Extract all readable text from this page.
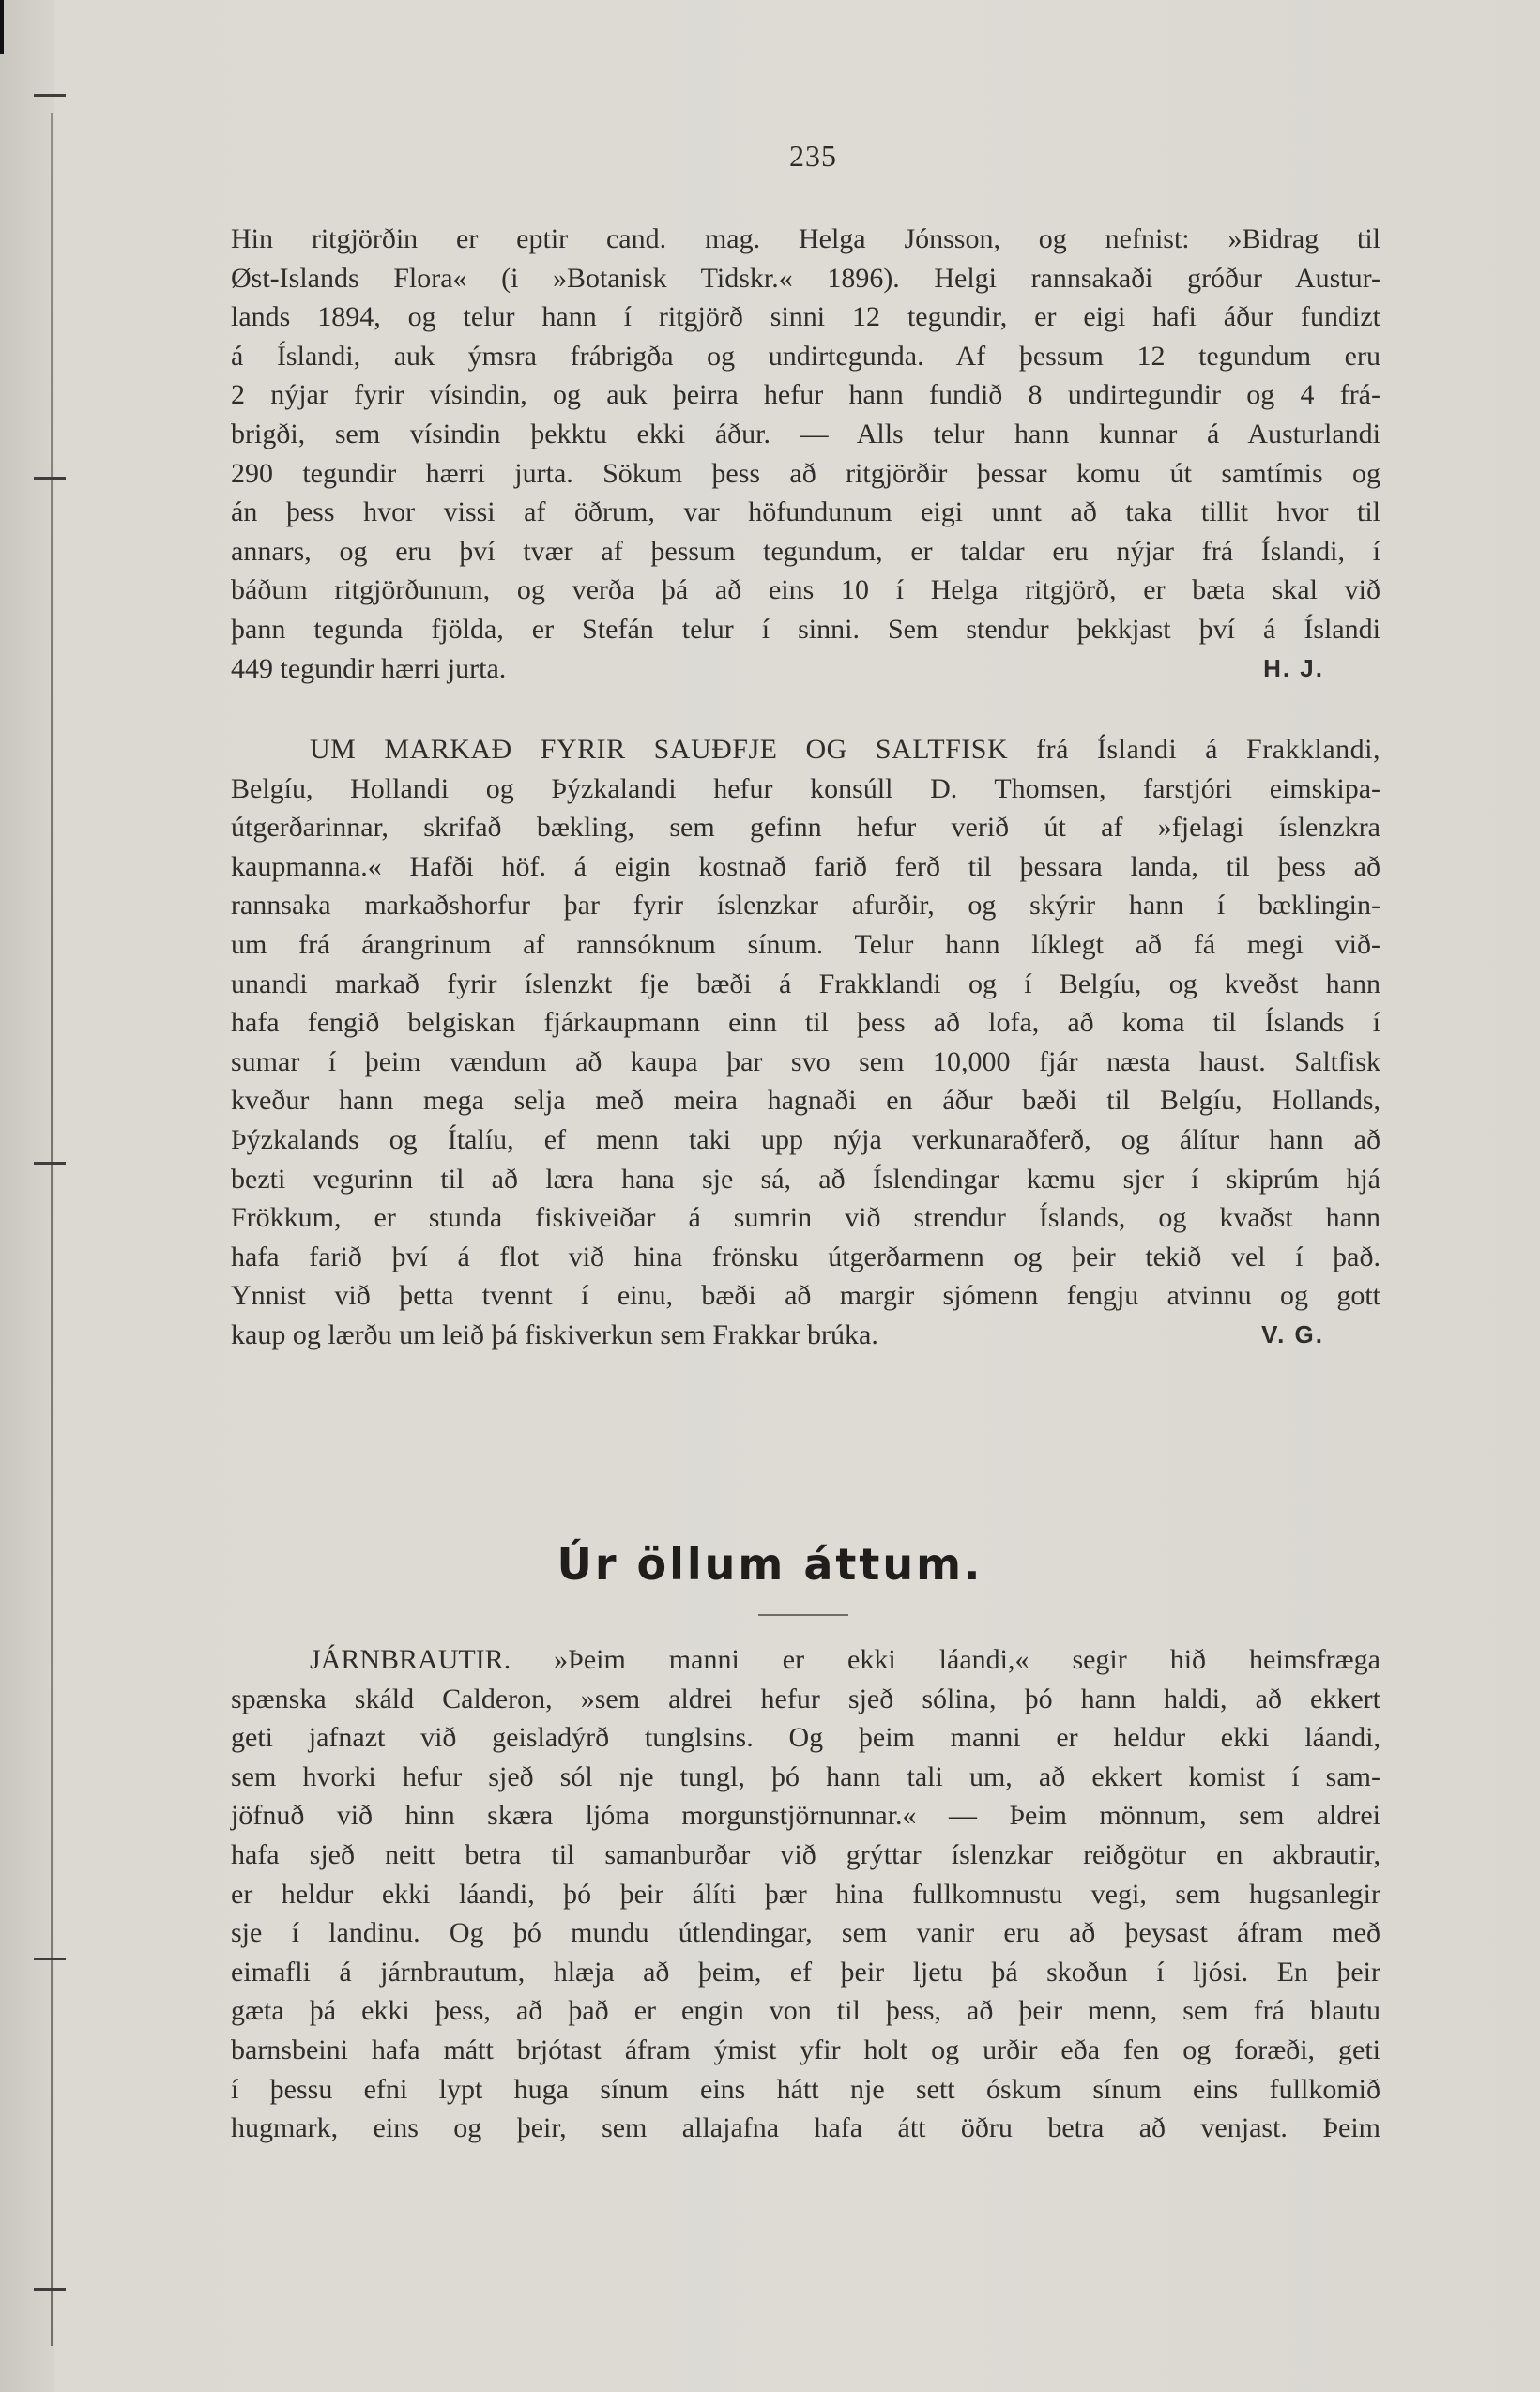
235
Hin ritgjörðin er eptir cand. mag. Helga Jónsson, og nefnist: »Bidrag til
Øst-Islands Flora« (i »Botanisk Tidskr.« 1896). Helgi rannsakaði gróður Austur-
lands 1894, og telur hann í ritgjörð sinni 12 tegundir, er eigi hafi áður fundizt
á Íslandi, auk ýmsra frábrigða og undirtegunda. Af þessum 12 tegundum eru
2 nýjar fyrir vísindin, og auk þeirra hefur hann fundið 8 undirtegundir og 4 frá-
brigði, sem vísindin þekktu ekki áður. — Alls telur hann kunnar á Austurlandi
290 tegundir hærri jurta. Sökum þess að ritgjörðir þessar komu út samtímis og
án þess hvor vissi af öðrum, var höfundunum eigi unnt að taka tillit hvor til
annars, og eru því tvær af þessum tegundum, er taldar eru nýjar frá Íslandi, í
báðum ritgjörðunum, og verða þá að eins 10 í Helga ritgjörð, er bæta skal við
þann tegunda fjölda, er Stefán telur í sinni. Sem stendur þekkjast því á Íslandi
449 tegundir hærri jurta.	H. J.
UM MARKAÐ FYRIR SAUÐFJE OG SALTFISK frá Íslandi á Frakklandi,
Belgíu, Hollandi og Þýzkalandi hefur konsúll D. Thomsen, farstjóri eimskipa-
útgerðarinnar, skrifað bækling, sem gefinn hefur verið út af »fjelagi íslenzkra
kaupmanna.« Hafði höf. á eigin kostnað farið ferð til þessara landa, til þess að
rannsaka markaðshorfur þar fyrir íslenzkar afurðir, og skýrir hann í bæklingin-
um frá árangrinum af rannsóknum sínum. Telur hann líklegt að fá megi við-
unandi markað fyrir íslenzkt fje bæði á Frakklandi og í Belgíu, og kveðst hann
hafa fengið belgiskan fjárkaupmann einn til þess að lofa, að koma til Íslands í
sumar í þeim vændum að kaupa þar svo sem 10,000 fjár næsta haust. Saltfisk
kveður hann mega selja með meira hagnaði en áður bæði til Belgíu, Hollands,
Þýzkalands og Ítalíu, ef menn taki upp nýja verkunaraðferð, og álítur hann að
bezti vegurinn til að læra hana sje sá, að Íslendingar kæmu sjer í skiprúm hjá
Frökkum, er stunda fiskiveiðar á sumrin við strendur Íslands, og kvaðst hann
hafa farið því á flot við hina frönsku útgerðarmenn og þeir tekið vel í það.
Ynnist við þetta tvennt í einu, bæði að margir sjómenn fengju atvinnu og gott
kaup og lærðu um leið þá fiskiverkun sem Frakkar brúka.	V. G.
Úr öllum áttum.
JÁRNBRAUTIR. »Þeim manni er ekki láandi,« segir hið heimsfræga
spænska skáld Calderon, »sem aldrei hefur sjeð sólina, þó hann haldi, að ekkert
geti jafnazt við geisladýrð tunglsins. Og þeim manni er heldur ekki láandi,
sem hvorki hefur sjeð sól nje tungl, þó hann tali um, að ekkert komist í sam-
jöfnuð við hinn skæra ljóma morgunstjörnunnar.« — Þeim mönnum, sem aldrei
hafa sjeð neitt betra til samanburðar við grýttar íslenzkar reiðgötur en akbrautir,
er heldur ekki láandi, þó þeir álíti þær hina fullkomnustu vegi, sem hugsanlegir
sje í landinu. Og þó mundu útlendingar, sem vanir eru að þeysast áfram með
eimafli á járnbrautum, hlæja að þeim, ef þeir ljetu þá skoðun í ljósi. En þeir
gæta þá ekki þess, að það er engin von til þess, að þeir menn, sem frá blautu
barnsbeini hafa mátt brjótast áfram ýmist yfir holt og urðir eða fen og foræði, geti
í þessu efni lypt huga sínum eins hátt nje sett óskum sínum eins fullkomið
hugmark, eins og þeir, sem allajafna hafa átt öðru betra að venjast. Þeim
